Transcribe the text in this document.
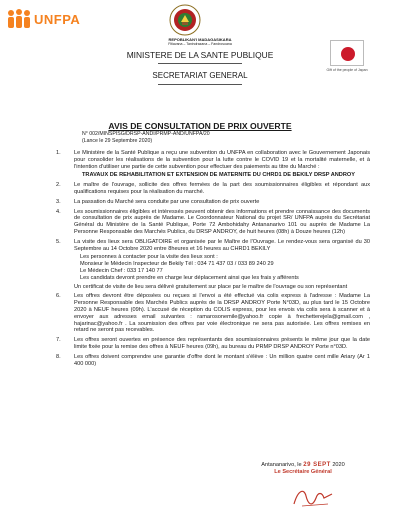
UNFPA
REPOBLIKAN'I MADAGASIKARA
Fitiavana – Tanindrazana – Fandrosoana
MINISTERE DE LA SANTE PUBLIQUE
SECRETARIAT GENERAL
Gift of the people of Japan
AVIS DE CONSULTATION DE PRIX OUVERTE
N° 002/MINSPISG/DRSP-ANDI/PRMP-AND/UNFPA/20
(Lance le 29 Septembre 2020)
1. Le Ministère de la Santé Publique a reçu une subvention du UNFPA en collaboration avec le Gouvernement Japonais pour consolider les réalisations de la subvention pour la lutte contre le COVID 19 et la mortalité maternelle, et à l'intention d'utiliser une partie de cette subvention pour effectuer des paiements au titre du Marché :

TRAVAUX DE REHABILITATION ET EXTENSION DE MATERNITE DU CHRD1 DE BEKILY DRSP ANDROY

2. Le maître de l'ouvrage, sollicite des offres fermées de la part des soumissionnaires éligibles et répondant aux qualifications requises pour la réalisation du marché.

3. La passation du Marché sera conduite par une consultation de prix ouverte

4. Les soumissionnaires éligibles et intéressés peuvent obtenir des informations et prendre connaissance des documents de consultation de prix auprès de Madame. Le Coordonnateur National du projet SR/ UNFPA auprès du Secrétariat Général du Ministère de la Santé Publique, Porte 72 Ambohidahy Antananarivo 101 ou auprès de Madame La Personne Responsable des Marchés Publics, du DRSP ANDROY, de huit heures (08h) à Douze heures (12h)

5. La visite des lieux sera OBLIGATOIRE et organisée par le Maître de l'Ouvrage. Le rendez-vous sera organisé du 30 Septembre au 14 Octobre 2020 entre 8heures et 16 heures au CHRD1 BEKILY

Les personnes à contacter pour la visite des lieux sont :

Monsieur le Médecin Inspecteur de Bekily Tél : 034 71 437 03 / 033 89 240 29

Le Médecin Chef : 033 17 140 77

Les candidats devront prendre en charge leur déplacement ainsi que les frais y afférents

Un certificat de visite de lieu sera délivré gratuitement sur place par le maître de l'ouvrage ou son représentant

6. Les offres devront être déposées ou reçues si l'envoi a été effectué via colis express à l'adresse : Madame La Personne Responsable des Marchés Publics auprès de la DRSP ANDROY Porte N°03D, au plus tard le 15 Octobre 2020 à NEUF heures (09h). L'accusé de réception du COLIS express, pour les envois via colis sera à scanner et à envoyer aux adresses email suivantes : ramarosonemile@yahoo.fr copie à frechetterejela@gmail.com , hajarinac@yahoo.fr . La soumission des offres par voie électronique ne sera pas autorisée. Les offres remises en retard ne seront pas recevables.

7. Les offres seront ouvertes en présence des représentants des soumissionnaires présents le même jour que la date limite fixée pour la remise des offres à NEUF heures (09h), au bureau du PRMP DRSP ANDROY Porte n°03D.

8. Les offres doivent comprendre une garantie d'offre dont le montant s'élève : Un million quatre cent mille Ariary (Ar 1 400 000)

Antananarivo, le 29 SEPT 2020
Le Secrétaire Général
